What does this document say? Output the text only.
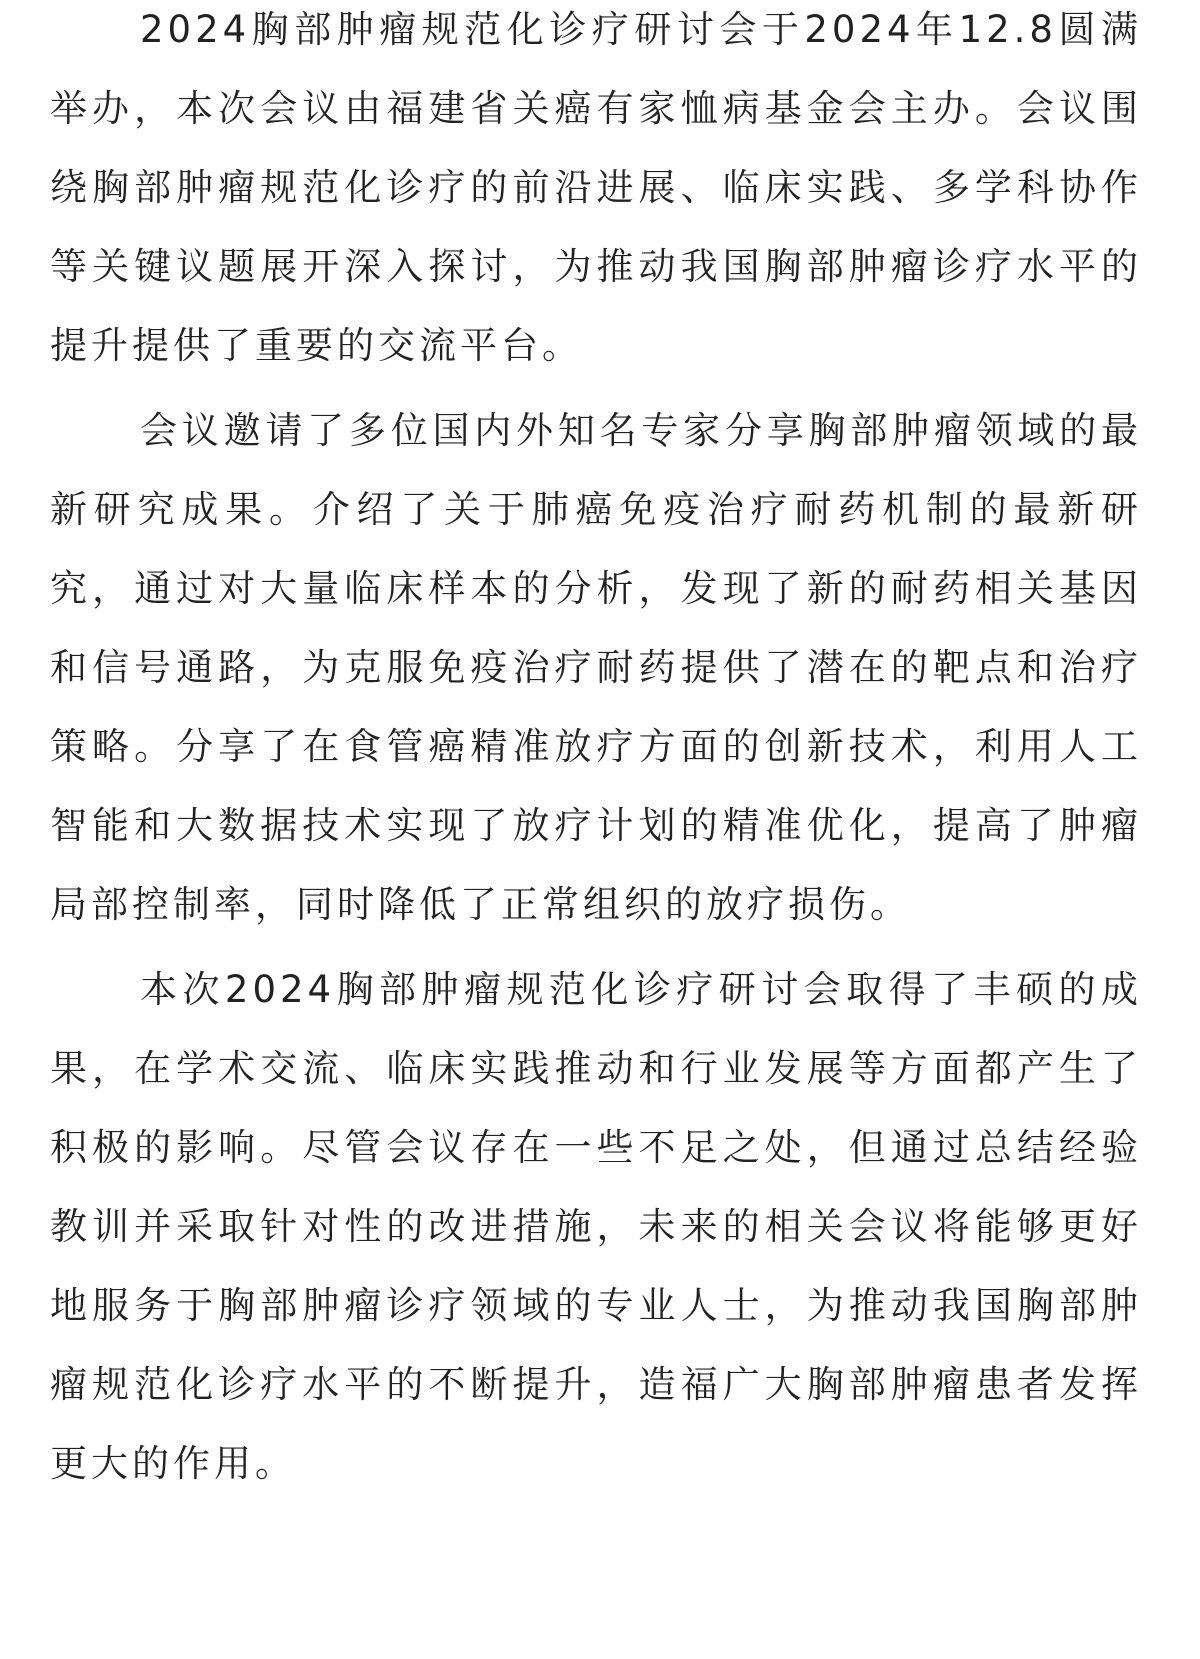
2024胸部肿瘤规范化诊疗研讨会于2024年12.8圆满举办，本次会议由福建省关癌有家恤病基金会主办。会议围绕胸部肿瘤规范化诊疗的前沿进展、临床实践、多学科协作等关键议题展开深入探讨，为推动我国胸部肿瘤诊疗水平的提升提供了重要的交流平台。

会议邀请了多位国内外知名专家分享胸部肿瘤领域的最新研究成果。介绍了关于肺癌免疫治疗耐药机制的最新研究，通过对大量临床样本的分析，发现了新的耐药相关基因和信号通路，为克服免疫治疗耐药提供了潜在的靶点和治疗策略。分享了在食管癌精准放疗方面的创新技术，利用人工智能和大数据技术实现了放疗计划的精准优化，提高了肿瘤局部控制率，同时降低了正常组织的放疗损伤。

本次2024胸部肿瘤规范化诊疗研讨会取得了丰硕的成果，在学术交流、临床实践推动和行业发展等方面都产生了积极的影响。尽管会议存在一些不足之处，但通过总结经验教训并采取针对性的改进措施，未来的相关会议将能够更好地服务于胸部肿瘤诊疗领域的专业人士，为推动我国胸部肿瘤规范化诊疗水平的不断提升，造福广大胸部肿瘤患者发挥更大的作用。
